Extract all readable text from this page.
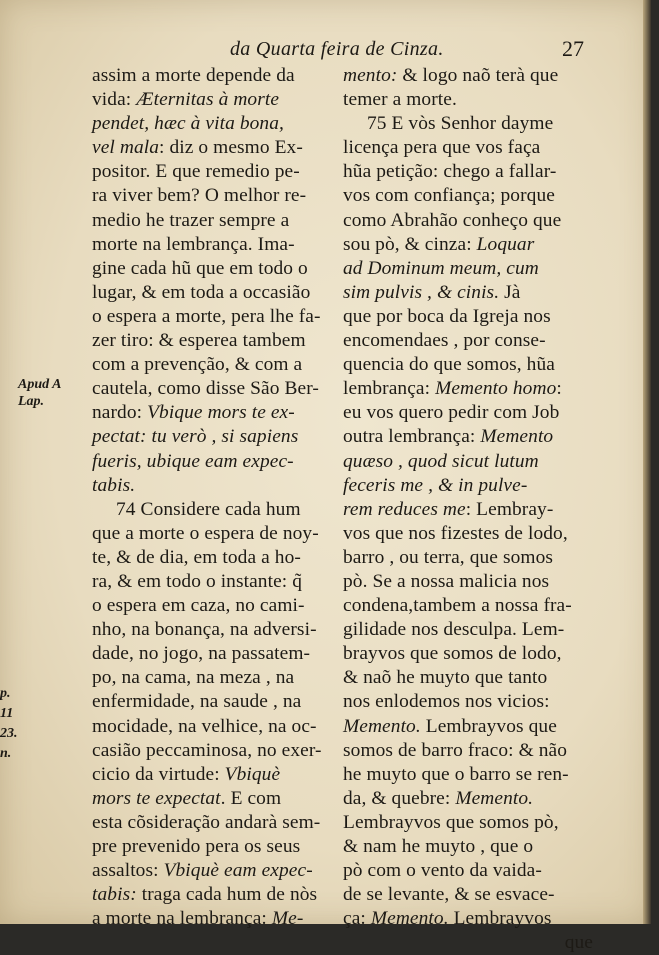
da Quarta feira de Cinza.	27
Apud A
Lap.
p. 11
23.
n.
assim a morte depende da
vida: Æternitas à morte
pendet, hæc à vita bona,
vel mala: diz o mesmo Ex-
positor. E que remedio pe-
ra viver bem? O melhor re-
medio he trazer sempre a
morte na lembrança. Ima-
gine cada hũ que em todo o
lugar, & em toda a occasião
o espera a morte, pera lhe fa-
zer tiro: & esperea tambem
com a prevenção, & com a
cautela, como disse São Ber-
nardo: Vbique mors te ex-
pectat: tu verò , si sapiens
fueris, ubique eam expec-
tabis.
74 Considere cada hum
que a morte o espera de noy-
te, & de dia, em toda a ho-
ra, & em todo o instante: q̃
o espera em caza, no cami-
nho, na bonança, na adversi-
dade, no jogo, na passatem-
po, na cama, na meza , na
enfermidade, na saude , na
mocidade, na velhice, na oc-
casião peccaminosa, no exer-
cicio da virtude: Vbiquè
mors te expectat. E com
esta cõsideração andarà sem-
pre prevenido pera os seus
assaltos: Vbiquè eam expec-
tabis: traga cada hum de nòs
a morte na lembrança: Me-
mento: & logo naõ terà que
temer a morte.
75 E vòs Senhor dayme
licença pera que vos faça
hũa petição: chego a fallar-
vos com confiança; porque
como Abrahão conheço que
sou pò, & cinza: Loquar
ad Dominum meum, cum
sim pulvis , & cinis. Jà
que por boca da Igreja nos
encomendaes , por conse-
quencia do que somos, hũa
lembrança: Memento homo:
eu vos quero pedir com Job
outra lembrança: Memento
quæso , quod sicut lutum
feceris me , & in pulve-
rem reduces me: Lembray-
vos que nos fizestes de lodo,
barro , ou terra, que somos
pò. Se a nossa malicia nos
condena,tambem a nossa fra-
gilidade nos desculpa. Lem-
brayvos que somos de lodo,
& naõ he muyto que tanto
nos enlodemos nos vicios:
Memento. Lembrayvos que
somos de barro fraco: & não
he muyto que o barro se ren-
da, & quebre: Memento.
Lembrayvos que somos pò,
& nam he muyto , que o
pò com o vento da vaida-
de se levante, & se esvace-
ça: Memento. Lembrayvos
que
